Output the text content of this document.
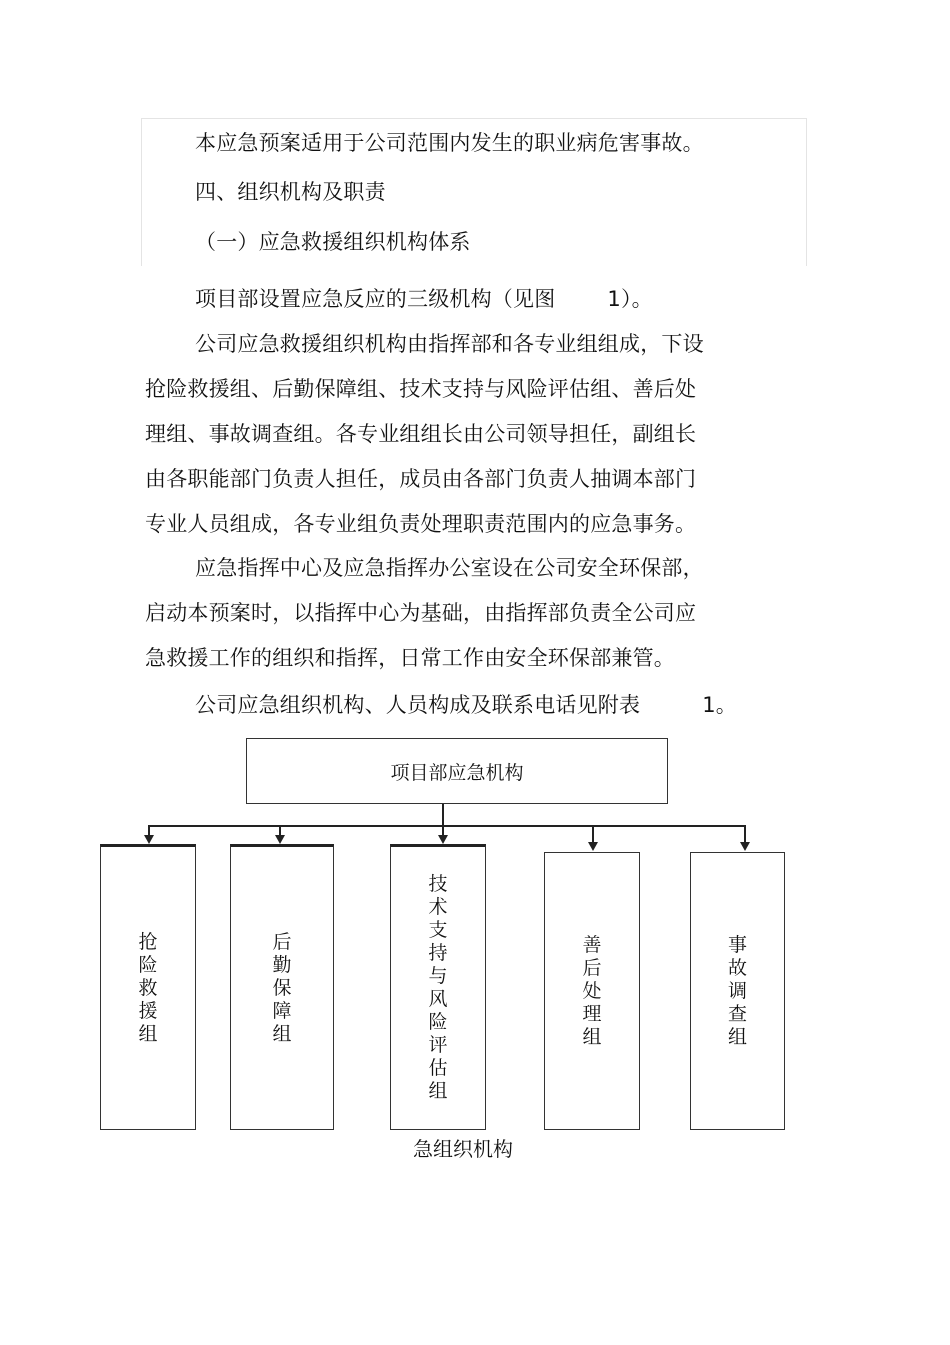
本应急预案适用于公司范围内发生的职业病危害事故。
四、组织机构及职责
（一）应急救援组织机构体系
项目部设置应急反应的三级机构（见图 1）。
公司应急救援组织机构由指挥部和各专业组组成，下设
抢险救援组、后勤保障组、技术支持与风险评估组、善后处
理组、事故调查组。各专业组组长由公司领导担任，副组长
由各职能部门负责人担任，成员由各部门负责人抽调本部门
专业人员组成，各专业组负责处理职责范围内的应急事务。
应急指挥中心及应急指挥办公室设在公司安全环保部，
启动本预案时，以指挥中心为基础，由指挥部负责全公司应
急救援工作的组织和指挥，日常工作由安全环保部兼管。
公司应急组织机构、人员构成及联系电话见附表	1。
项目部应急机构
抢险救援组
后勤保障组
技术支持与风险评估组
善后处理组
事故调查组
急组织机构
